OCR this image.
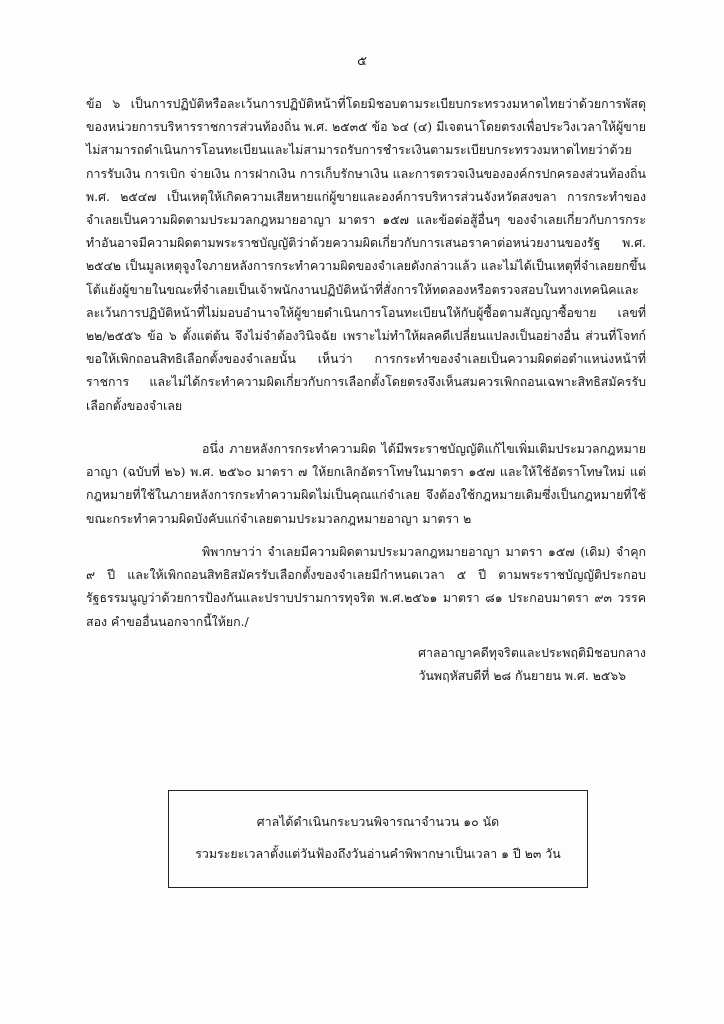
๕

ข้อ ๖ เป็นการปฏิบัติหรือละเว้นการปฏิบัติหน้าที่โดยมิชอบตามระเบียบกระทรวงมหาดไทยว่าด้วยการพัสดุของหน่วยการบริหารราชการส่วนท้องถิ่น พ.ศ. ๒๕๓๕ ข้อ ๖๔ (๔) มีเจตนาโดยตรงเพื่อประวิงเวลาให้ผู้ขายไม่สามารถดำเนินการโอนทะเบียนและไม่สามารถรับการชำระเงินตามระเบียบกระทรวงมหาดไทยว่าด้วยการรับเงิน การเบิก จ่ายเงิน การฝากเงิน การเก็บรักษาเงิน และการตรวจเงินขององค์กรปกครองส่วนท้องถิ่น พ.ศ. ๒๕๔๗ เป็นเหตุให้เกิดความเสียหายแก่ผู้ขายและองค์การบริหารส่วนจังหวัดสงขลา การกระทำของจำเลยเป็นความผิดตามประมวลกฎหมายอาญา มาตรา ๑๕๗ และข้อต่อสู้อื่นๆ ของจำเลยเกี่ยวกับการกระทำอันอาจมีความผิดตามพระราชบัญญัติว่าด้วยความผิดเกี่ยวกับการเสนอราคาต่อหน่วยงานของรัฐ พ.ศ. ๒๕๔๒ เป็นมูลเหตุจูงใจภายหลังการกระทำความผิดของจำเลยดังกล่าวแล้ว และไม่ได้เป็นเหตุที่จำเลยยกขึ้นโต้แย้งผู้ขายในขณะที่จำเลยเป็นเจ้าพนักงานปฏิบัติหน้าที่สั่งการให้ทดลองหรือตรวจสอบในทางเทคนิคและละเว้นการปฏิบัติหน้าที่ไม่มอบอำนาจให้ผู้ขายดำเนินการโอนทะเบียนให้กับผู้ซื้อตามสัญญาซื้อขาย เลขที่ ๒๒/๒๕๕๖ ข้อ ๖ ตั้งแต่ต้น จึงไม่จำต้องวินิจฉัย เพราะไม่ทำให้ผลคดีเปลี่ยนแปลงเป็นอย่างอื่น ส่วนที่โจทก์ขอให้เพิกถอนสิทธิเลือกตั้งของจำเลยนั้น เห็นว่า การกระทำของจำเลยเป็นความผิดต่อตำแหน่งหน้าที่ราชการ และไม่ได้กระทำความผิดเกี่ยวกับการเลือกตั้งโดยตรงจึงเห็นสมควรเพิกถอนเฉพาะสิทธิสมัครรับเลือกตั้งของจำเลย

อนึ่ง ภายหลังการกระทำความผิด ได้มีพระราชบัญญัติแก้ไขเพิ่มเติมประมวลกฎหมายอาญา (ฉบับที่ ๒๖) พ.ศ. ๒๕๖๐ มาตรา ๗ ให้ยกเลิกอัตราโทษในมาตรา ๑๕๗ และให้ใช้อัตราโทษใหม่ แต่กฎหมายที่ใช้ในภายหลังการกระทำความผิดไม่เป็นคุณแก่จำเลย จึงต้องใช้กฎหมายเดิมซึ่งเป็นกฎหมายที่ใช้ขณะกระทำความผิดบังคับแก่จำเลยตามประมวลกฎหมายอาญา มาตรา ๒

พิพากษาว่า จำเลยมีความผิดตามประมวลกฎหมายอาญา มาตรา ๑๕๗ (เดิม) จำคุก ๙ ปี และให้เพิกถอนสิทธิสมัครรับเลือกตั้งของจำเลยมีกำหนดเวลา ๕ ปี ตามพระราชบัญญัติประกอบรัฐธรรมนูญว่าด้วยการป้องกันและปราบปรามการทุจริต พ.ศ.๒๕๖๑ มาตรา ๘๑ ประกอบมาตรา ๙๓ วรรคสอง คำขออื่นนอกจากนี้ให้ยก./

ศาลอาญาคดีทุจริตและประพฤติมิชอบกลาง
วันพฤหัสบดีที่ ๒๘ กันยายน พ.ศ. ๒๕๖๖
ศาลได้ดำเนินกระบวนพิจารณาจำนวน ๑๐ นัด
รวมระยะเวลาตั้งแต่วันฟ้องถึงวันอ่านคำพิพากษาเป็นเวลา ๑ ปี ๒๓ วัน
